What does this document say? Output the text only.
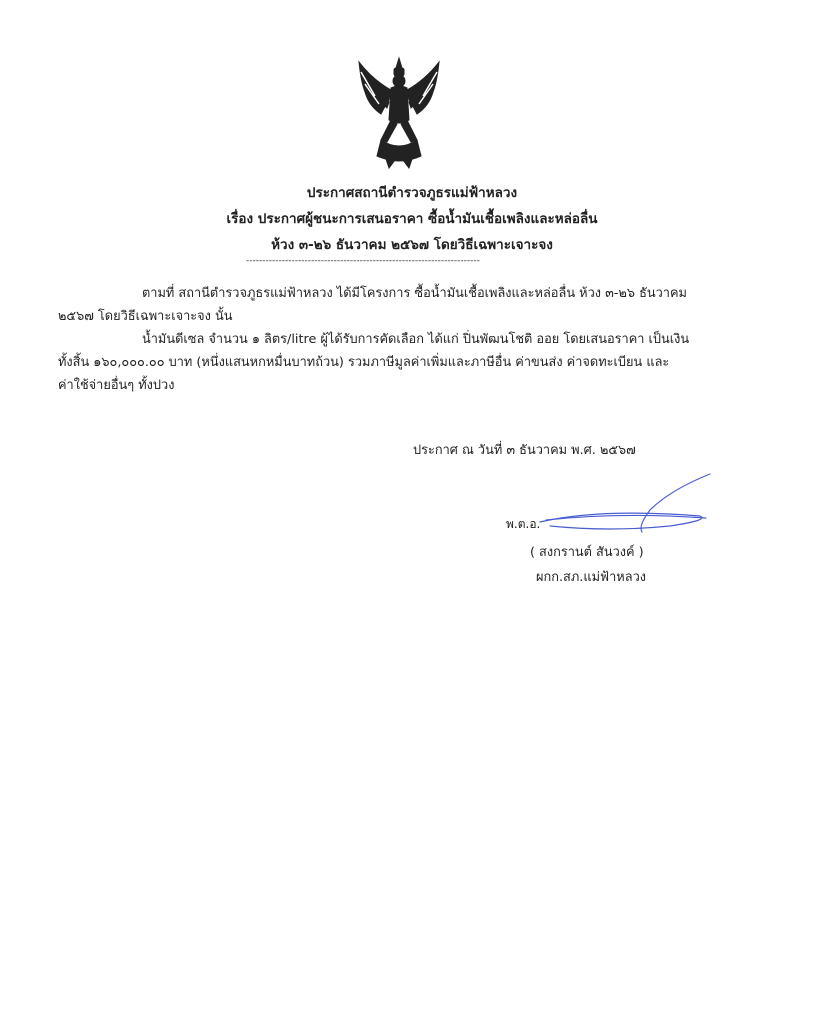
ประกาศสถานีตำรวจภูธรแม่ฟ้าหลวง
เรื่อง ประกาศผู้ชนะการเสนอราคา ซื้อน้ำมันเชื้อเพลิงและหล่อลื่น
ห้วง ๓-๒๖ ธันวาคม ๒๕๖๗ โดยวิธีเฉพาะเจาะจง
------------------------------------------------------------------------
ตามที่ สถานีตำรวจภูธรแม่ฟ้าหลวง ได้มีโครงการ ซื้อน้ำมันเชื้อเพลิงและหล่อลื่น ห้วง ๓-๒๖ ธันวาคม
๒๕๖๗ โดยวิธีเฉพาะเจาะจง นั้น
น้ำมันดีเซล จำนวน ๑ ลิตร/litre ผู้ได้รับการคัดเลือก ได้แก่ ปิ่นพัฒนโชติ ออย โดยเสนอราคา เป็นเงิน
ทั้งสิ้น ๑๖๐,๐๐๐.๐๐ บาท (หนึ่งแสนหกหมื่นบาทถ้วน) รวมภาษีมูลค่าเพิ่มและภาษีอื่น ค่าขนส่ง ค่าจดทะเบียน และ
ค่าใช้จ่ายอื่นๆ ทั้งปวง
ประกาศ ณ วันที่ ๓ ธันวาคม พ.ศ. ๒๕๖๗
พ.ต.อ.
( สงกรานต์ สันวงค์ )
ผกก.สภ.แม่ฟ้าหลวง
